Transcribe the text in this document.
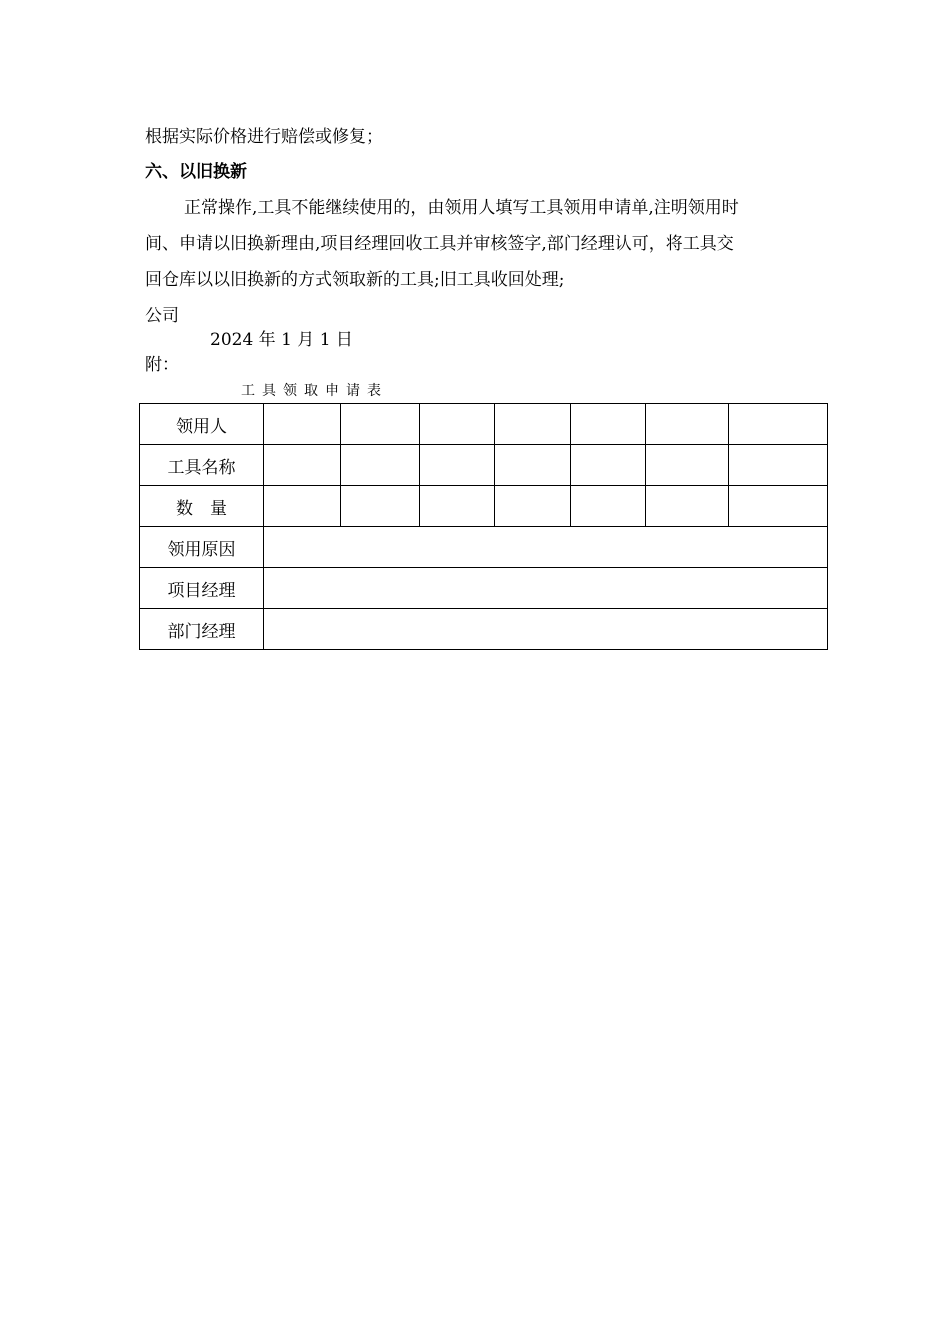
根据实际价格进行赔偿或修复；
六、以旧换新
正常操作,工具不能继续使用的，由领用人填写工具领用申请单,注明领用时
间、申请以旧换新理由,项目经理回收工具并审核签字,部门经理认可，将工具交
回仓库以以旧换新的方式领取新的工具;旧工具收回处理;
公司
2024 年 1 月 1 日
附：
工具领取申请表
领用人							
工具名称							
数　量							
领用原因							
项目经理							
部门经理							
